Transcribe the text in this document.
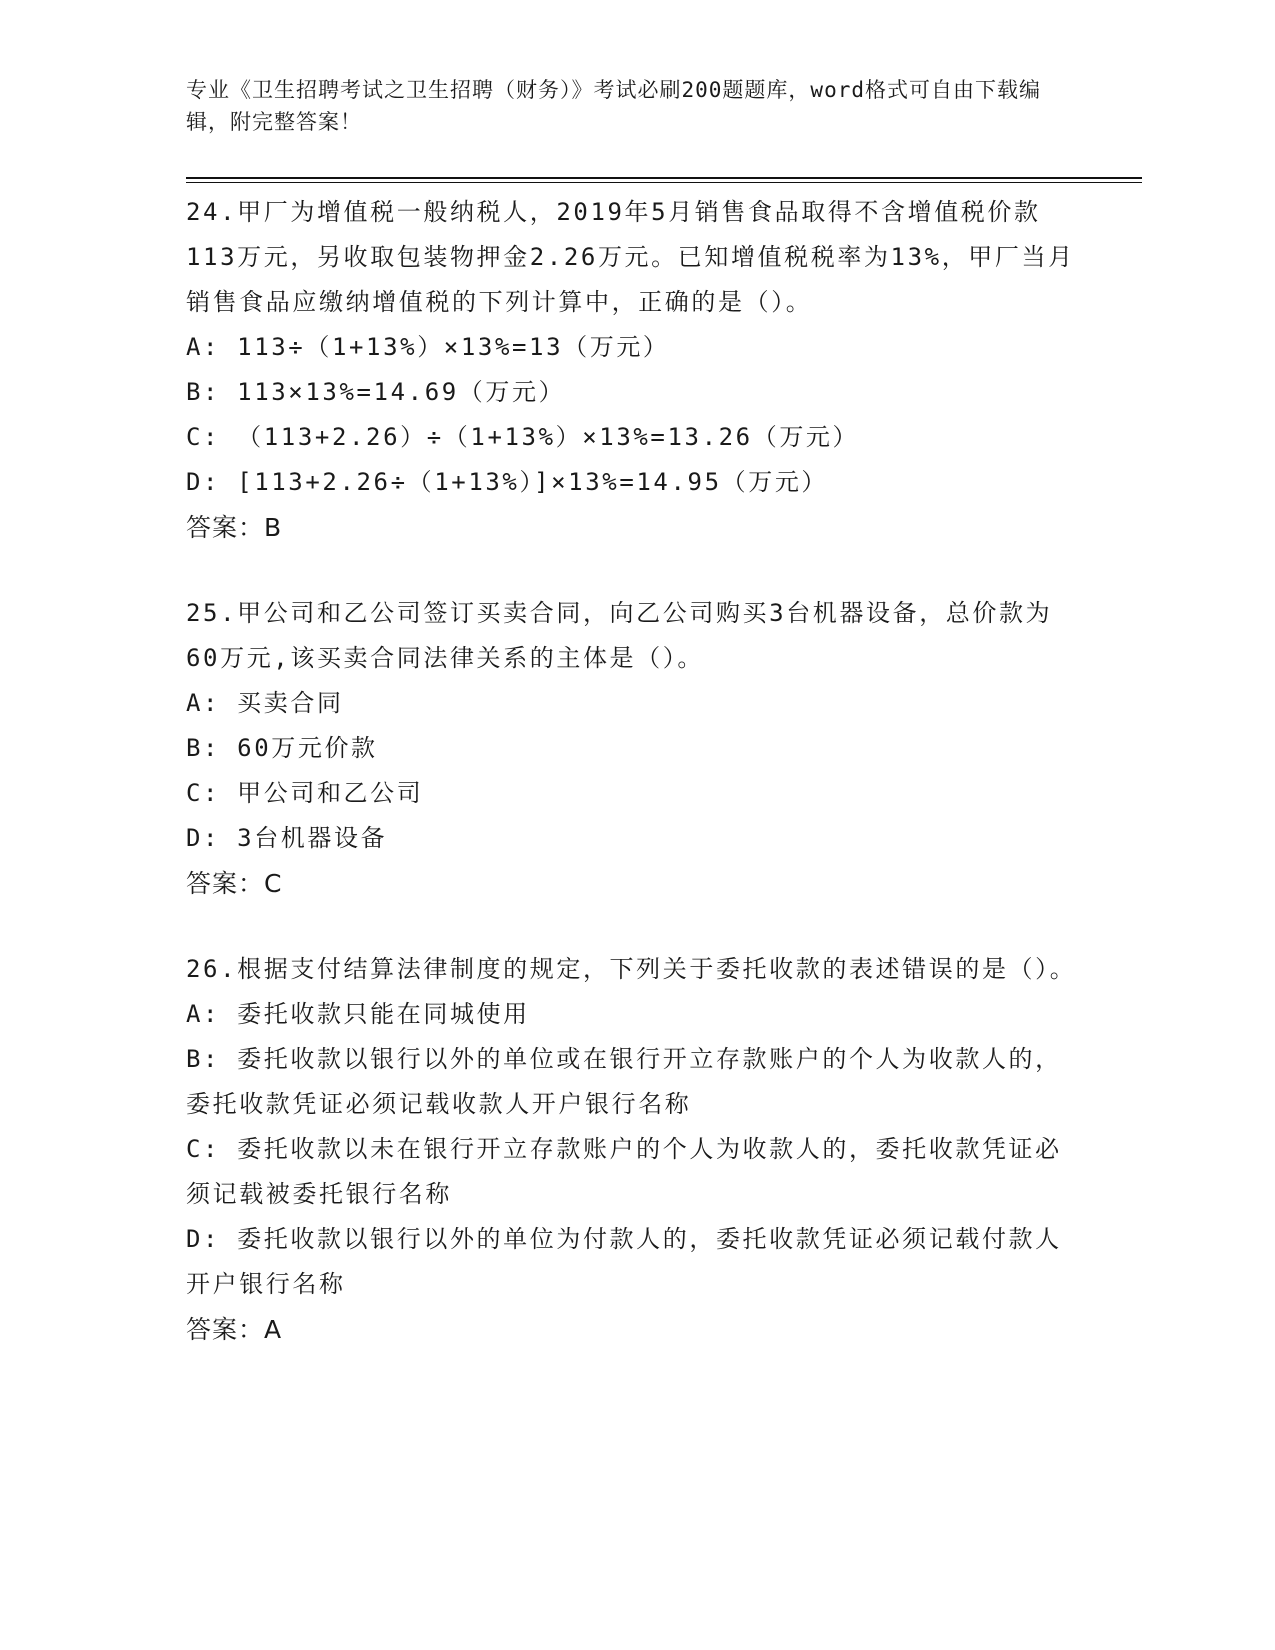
专业《卫生招聘考试之卫生招聘（财务）》考试必刷200题题库，word格式可自由下载编辑，附完整答案！
24.甲厂为增值税一般纳税人，2019年5月销售食品取得不含增值税价款113万元，另收取包装物押金2.26万元。已知增值税税率为13%，甲厂当月销售食品应缴纳增值税的下列计算中，正确的是（）。
A: 113÷（1+13%）×13%=13（万元）
B: 113×13%=14.69（万元）
C: （113+2.26）÷（1+13%）×13%=13.26（万元）
D: [113+2.26÷（1+13%）]×13%=14.95（万元）
答案：B
25.甲公司和乙公司签订买卖合同，向乙公司购买3台机器设备，总价款为60万元,该买卖合同法律关系的主体是（）。
A: 买卖合同
B: 60万元价款
C: 甲公司和乙公司
D: 3台机器设备
答案：C
26.根据支付结算法律制度的规定，下列关于委托收款的表述错误的是（）。
A: 委托收款只能在同城使用
B: 委托收款以银行以外的单位或在银行开立存款账户的个人为收款人的，委托收款凭证必须记载收款人开户银行名称
C: 委托收款以未在银行开立存款账户的个人为收款人的，委托收款凭证必须记载被委托银行名称
D: 委托收款以银行以外的单位为付款人的，委托收款凭证必须记载付款人开户银行名称
答案：A
